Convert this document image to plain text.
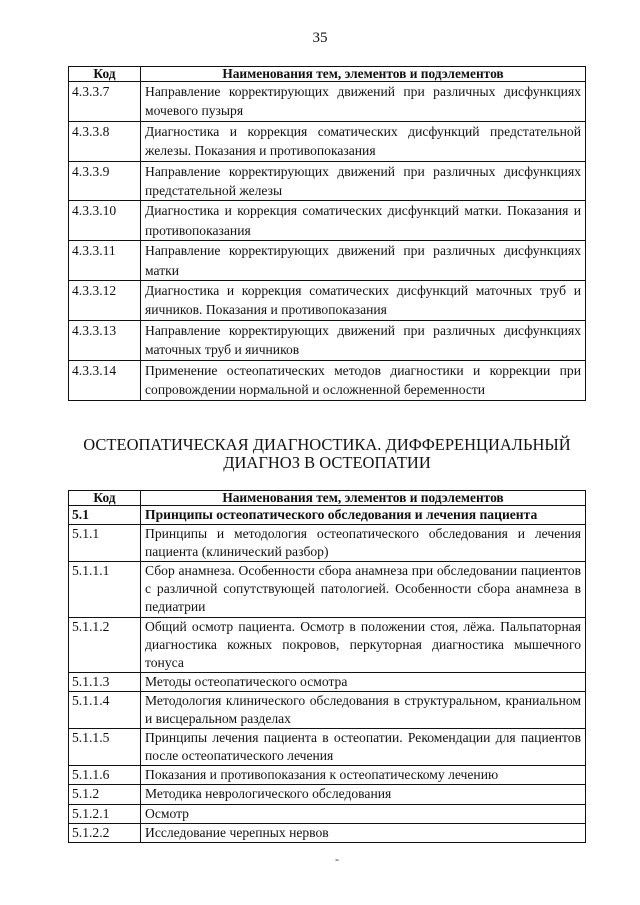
35
Код	Наименования тем, элементов и подэлементов
4.3.3.7	Направление корректирующих движений при различных дисфункциях мочевого пузыря
4.3.3.8	Диагностика и коррекция соматических дисфункций предстательной железы. Показания и противопоказания
4.3.3.9	Направление корректирующих движений при различных дисфункциях предстательной железы
4.3.3.10	Диагностика и коррекция соматических дисфункций матки. Показания и противопоказания
4.3.3.11	Направление корректирующих движений при различных дисфункциях матки
4.3.3.12	Диагностика и коррекция соматических дисфункций маточных труб и яичников. Показания и противопоказания
4.3.3.13	Направление корректирующих движений при различных дисфункциях маточных труб и яичников
4.3.3.14	Применение остеопатических методов диагностики и коррекции при сопровождении нормальной и осложненной беременности
ОСТЕОПАТИЧЕСКАЯ ДИАГНОСТИКА. ДИФФЕРЕНЦИАЛЬНЫЙ
ДИАГНОЗ В ОСТЕОПАТИИ
Код	Наименования тем, элементов и подэлементов
5.1	Принципы остеопатического обследования и лечения пациента
5.1.1	Принципы и методология остеопатического обследования и лечения пациента (клинический разбор)
5.1.1.1	Сбор анамнеза. Особенности сбора анамнеза при обследовании пациентов с различной сопутствующей патологией. Особенности сбора анамнеза в педиатрии
5.1.1.2	Общий осмотр пациента. Осмотр в положении стоя, лёжа. Пальпаторная диагностика кожных покровов, перкуторная диагностика мышечного тонуса
5.1.1.3	Методы остеопатического осмотра
5.1.1.4	Методология клинического обследования в структуральном, краниальном и висцеральном разделах
5.1.1.5	Принципы лечения пациента в остеопатии. Рекомендации для пациентов после остеопатического лечения
5.1.1.6	Показания и противопоказания к остеопатическому лечению
5.1.2	Методика неврологического обследования
5.1.2.1	Осмотр
5.1.2.2	Исследование черепных нервов
-
